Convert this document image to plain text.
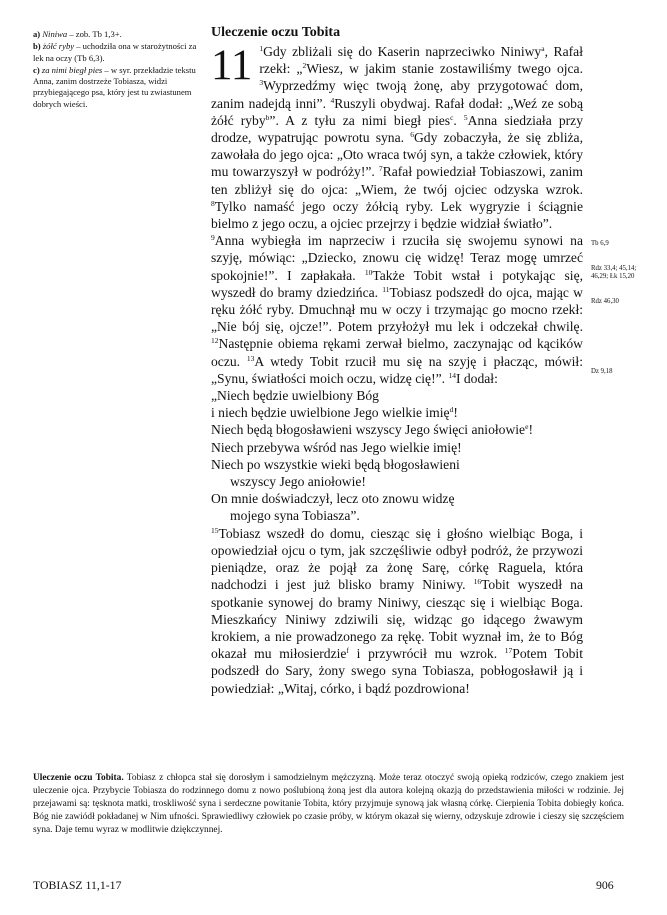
a) Niniwa – zob. Tb 1,3+.

b) żółć ryby – uchodziła ona w starożytności za lek na oczy (Tb 6,3).

c) za nimi biegł pies – w syr. przekładzie tekstu Anna, zanim dostrzeże Tobiasza, widzi przybiegającego psa, który jest tu zwiastunem dobrych wieści.

Uleczenie oczu Tobita
11 $^1$Gdy zbliżali się do Kaserin naprzeciwko Niniwy$^a$, Rafał rzekł: „$^2$Wiesz, w jakim stanie zostawiliśmy twego ojca. $^3$Wyprzedźmy więc twoją żonę, aby przygotować dom, zanim nadejdą inni”. $^4$Ruszyli obydwaj. Rafał dodał: „Weź ze sobą żółć ryby$^b$”. A z tyłu za nimi biegł pies$^c$. $^5$Anna siedziała przy drodze, wypatrując powrotu syna. $^6$Gdy zobaczyła, że się zbliża, zawołała do jego ojca: „Oto wraca twój syn, a także człowiek, który mu towarzyszył w podróży!”. $^7$Rafał powiedział Tobiaszowi, zanim ten zbliżył się do ojca: „Wiem, że twój ojciec odzyska wzrok. $^8$Tylko namaść jego oczy żółcią ryby. Lek wygryzie i ściągnie bielmo z jego oczu, a ojciec przejrzy i będzie widział światło”.

$^9$Anna wybiegła im naprzeciw i rzuciła się swojemu synowi na szyję, mówiąc: „Dziecko, znowu cię widzę! Teraz mogę umrzeć spokojnie!”. I zapłakała. $^{10}$Także Tobit wstał i potykając się, wyszedł do bramy dziedzińca. $^{11}$Tobiasz podszedł do ojca, mając w ręku żółć ryby. Dmuchnął mu w oczy i trzymając go mocno rzekł: „Nie bój się, ojcze!”. Potem przyłożył mu lek i odczekał chwilę. $^{12}$Następnie obiema rękami zerwał bielmo, zaczynając od kącików oczu. $^{13}$A wtedy Tobit rzucił mu się na szyję i płacząc, mówił: „Synu, światłości moich oczu, widzę cię!”. $^{14}$I dodał:

„Niech będzie uwielbiony Bóg
i niech będzie uwielbione Jego wielkie imię$^d$!
Niech będą błogosławieni wszyscy Jego święci aniołowie$^e$!
Niech przebywa wśród nas Jego wielkie imię!
Niech po wszystkie wieki będą błogosławieni
wszyscy Jego aniołowie!
On mnie doświadczył, lecz oto znowu widzę
mojego syna Tobiasza”.

$^{15}$Tobiasz wszedł do domu, ciesząc się i głośno wielbiąc Boga, i opowiedział ojcu o tym, jak szczęśliwie odbył podróż, że przywozi pieniądze, oraz że pojął za żonę Sarę, córkę Raguela, która nadchodzi i jest już blisko bramy Niniwy. $^{16}$Tobit wyszedł na spotkanie synowej do bramy Niniwy, ciesząc się i wielbiąc Boga. Mieszkańcy Niniwy zdziwili się, widząc go idącego żwawym krokiem, a nie prowadzonego za rękę. Tobit wyznał im, że to Bóg okazał mu miłosierdzie$^f$ i przywrócił mu wzrok. $^{17}$Potem Tobit podszedł do Sary, żony swego syna Tobiasza, pobłogosławił ją i powiedział: „Witaj, córko, i bądź pozdrowiona!

Tb 6,9
Rdz 33,4; 45,14; 46,29; Łk 15,20
Rdz 46,30
Dz 9,18
Uleczenie oczu Tobita. Tobiasz z chłopca stał się dorosłym i samodzielnym mężczyzną. Może teraz otoczyć swoją opieką rodziców, czego znakiem jest uleczenie ojca. Przybycie Tobiasza do rodzinnego domu z nowo poślubioną żoną jest dla autora kolejną okazją do przedstawienia miłości w rodzinie. Jej przejawami są: tęsknota matki, troskliwość syna i serdeczne powitanie Tobita, który przyjmuje synową jak własną córkę. Cierpienia Tobita dobiegły końca. Bóg nie zawiódł pokładanej w Nim ufności. Sprawiedliwy człowiek po czasie próby, w którym okazał się wierny, odzyskuje zdrowie i cieszy się szczęściem syna. Daje temu wyraz w modlitwie dziękczynnej.
TOBIASZ 11,1-17	906
